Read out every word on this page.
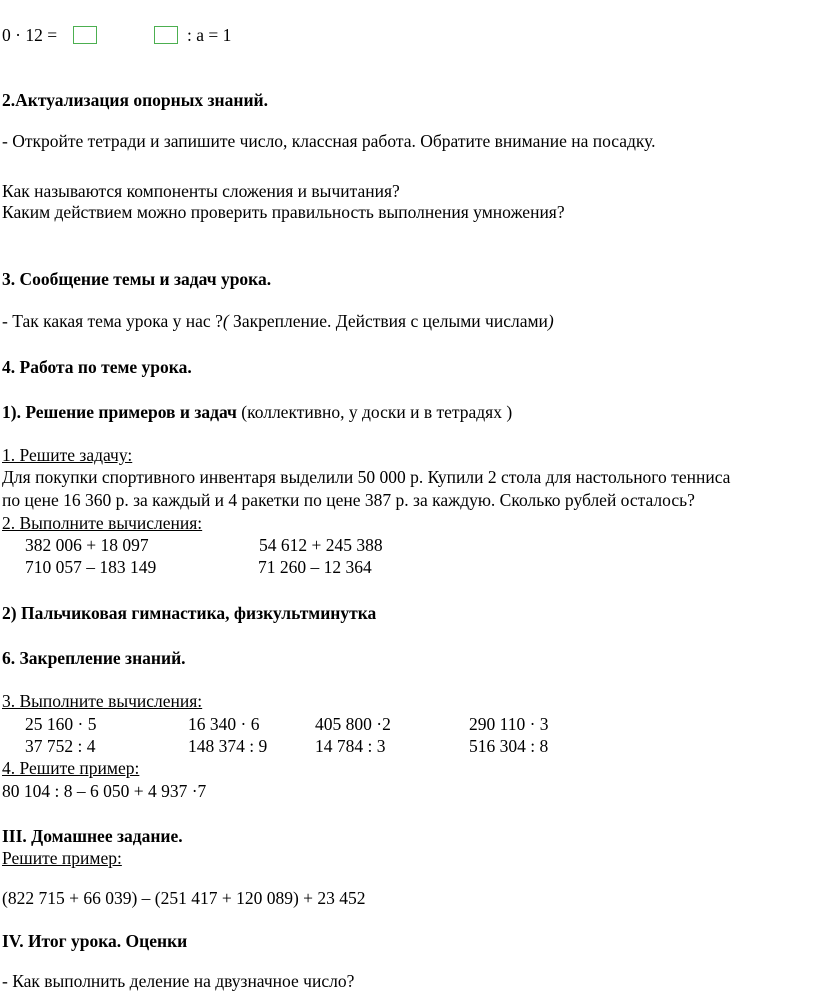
0 · 12 =	: a = 1
2.Актуализация опорных знаний.
- Откройте тетради и запишите число, классная работа. Обратите внимание на посадку.
Как называются компоненты сложения и вычитания?
Каким действием можно проверить правильность выполнения умножения?
3. Сообщение темы и задач урока.
- Так какая тема урока у нас ?( Закрепление. Действия с целыми числами)
4. Работа по теме урока.
1). Решение примеров и задач (коллективно, у доски и в тетрадях )
1. Решите задачу:
Для покупки спортивного инвентаря выделили 50 000 р. Купили 2 стола для настольного тенниса
по цене 16 360 р. за каждый и 4 ракетки по цене 387 р. за каждую. Сколько рублей осталось?
2. Выполните вычисления:
382 006 + 18 097	54 612 + 245 388
710 057 – 183 149	71 260 – 12 364
2) Пальчиковая гимнастика, физкультминутка
6. Закрепление знаний.
3. Выполните вычисления:
25 160 · 5	16 340 · 6	405 800 ·2	290 110 · 3
37 752 : 4	148 374 : 9	14 784 : 3	516 304 : 8
4. Решите пример:
80 104 : 8 – 6 050 + 4 937 ·7
III. Домашнее задание.
Решите пример:
(822 715 + 66 039) – (251 417 + 120 089) + 23 452
IV. Итог урока. Оценки
- Как выполнить деление на двузначное число?
